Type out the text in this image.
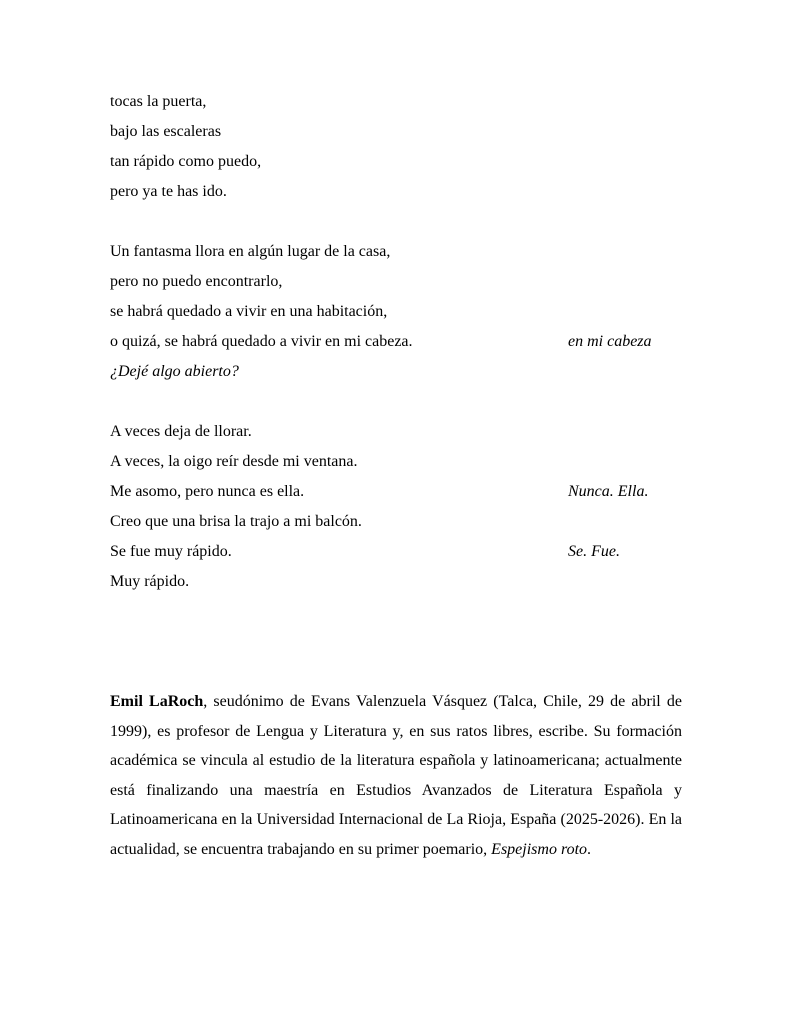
tocas la puerta,
bajo las escaleras
tan rápido como puedo,
pero ya te has ido.
Un fantasma llora en algún lugar de la casa,
pero no puedo encontrarlo,
se habrá quedado a vivir en una habitación,
o quizá, se habrá quedado a vivir en mi cabeza.	en mi cabeza
¿Dejé algo abierto?
A veces deja de llorar.
A veces, la oigo reír desde mi ventana.
Me asomo, pero nunca es ella.	Nunca. Ella.
Creo que una brisa la trajo a mi balcón.
Se fue muy rápido.	Se. Fue.
Muy rápido.

Emil LaRoch, seudónimo de Evans Valenzuela Vásquez (Talca, Chile, 29 de abril de 1999), es profesor de Lengua y Literatura y, en sus ratos libres, escribe. Su formación académica se vincula al estudio de la literatura española y latinoamericana; actualmente está finalizando una maestría en Estudios Avanzados de Literatura Española y Latinoamericana en la Universidad Internacional de La Rioja, España (2025-2026). En la actualidad, se encuentra trabajando en su primer poemario, Espejismo roto.
